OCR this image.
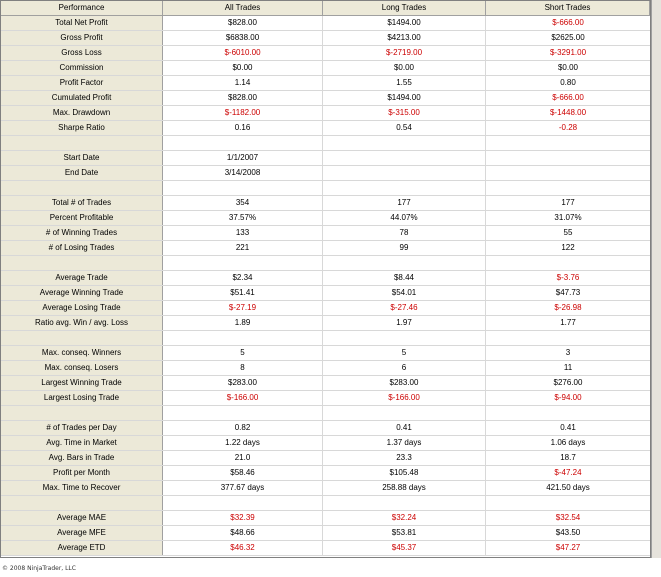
Performance	All Trades	Long Trades	Short Trades
Total Net Profit	$828.00	$1494.00	$-666.00
Gross Profit	$6838.00	$4213.00	$2625.00
Gross Loss	$-6010.00	$-2719.00	$-3291.00
Commission	$0.00	$0.00	$0.00
Profit Factor	1.14	1.55	0.80
Cumulated Profit	$828.00	$1494.00	$-666.00
Max. Drawdown	$-1182.00	$-315.00	$-1448.00
Sharpe Ratio	0.16	0.54	-0.28
Start Date	1/1/2007
End Date	3/14/2008
Total # of Trades	354	177	177
Percent Profitable	37.57%	44.07%	31.07%
# of Winning Trades	133	78	55
# of Losing Trades	221	99	122
Average Trade	$2.34	$8.44	$-3.76
Average Winning Trade	$51.41	$54.01	$47.73
Average Losing Trade	$-27.19	$-27.46	$-26.98
Ratio avg. Win / avg. Loss	1.89	1.97	1.77
Max. conseq. Winners	5	5	3
Max. conseq. Losers	8	6	11
Largest Winning Trade	$283.00	$283.00	$276.00
Largest Losing Trade	$-166.00	$-166.00	$-94.00
# of Trades per Day	0.82	0.41	0.41
Avg. Time in Market	1.22 days	1.37 days	1.06 days
Avg. Bars in Trade	21.0	23.3	18.7
Profit per Month	$58.46	$105.48	$-47.24
Max. Time to Recover	377.67 days	258.88 days	421.50 days
Average MAE	$32.39	$32.24	$32.54
Average MFE	$48.66	$53.81	$43.50
Average ETD	$46.32	$45.37	$47.27
© 2008 NinjaTrader, LLC
